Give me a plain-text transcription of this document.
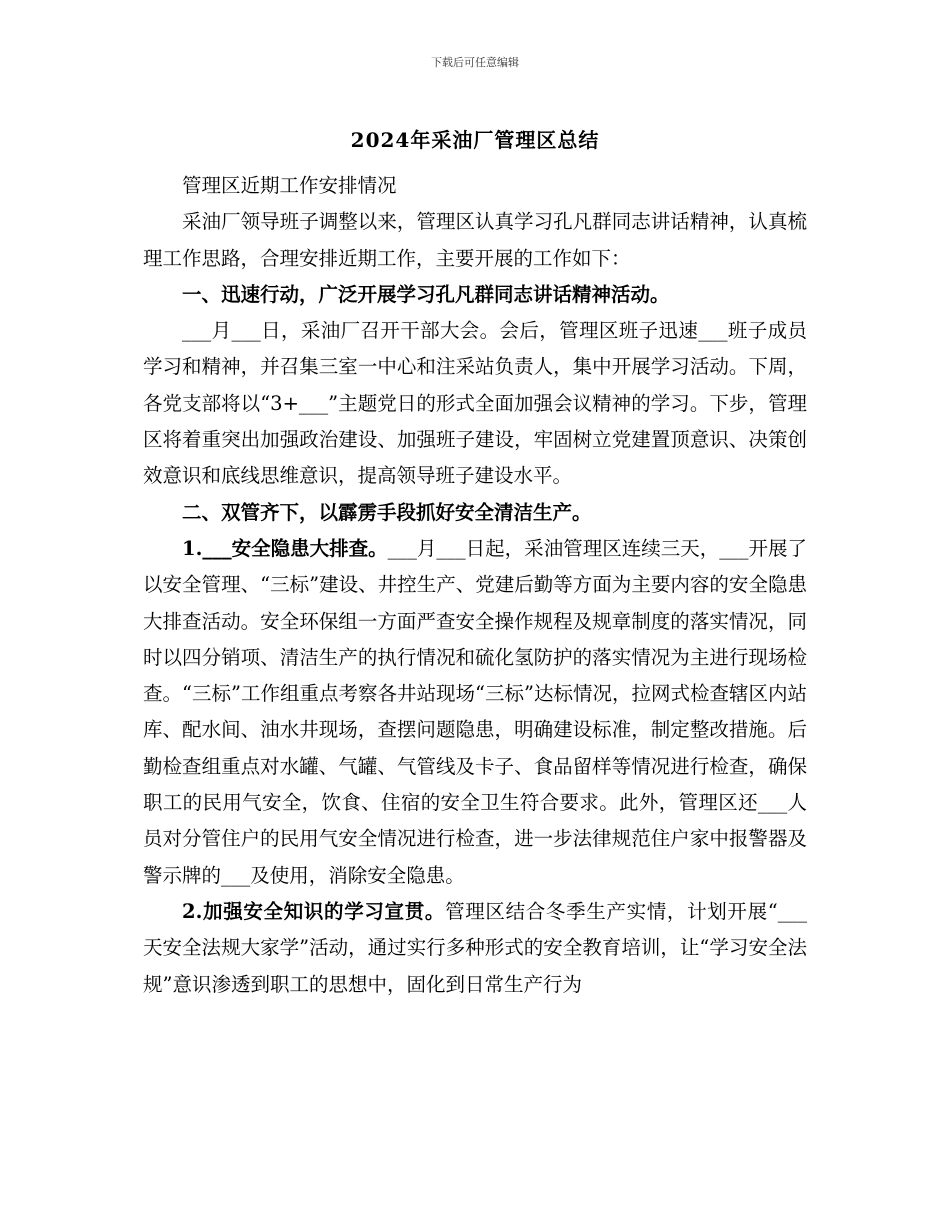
下载后可任意编辑
2024年采油厂管理区总结

管理区近期工作安排情况

采油厂领导班子调整以来，管理区认真学习孔凡群同志讲话精神，认真梳理工作思路，合理安排近期工作，主要开展的工作如下：

一、迅速行动，广泛开展学习孔凡群同志讲话精神活动。

___月___日，采油厂召开干部大会。会后，管理区班子迅速___班子成员学习和精神，并召集三室一中心和注采站负责人，集中开展学习活动。下周，各党支部将以“3+___”主题党日的形式全面加强会议精神的学习。下步，管理区将着重突出加强政治建设、加强班子建设，牢固树立党建置顶意识、决策创效意识和底线思维意识，提高领导班子建设水平。

二、双管齐下，以霹雳手段抓好安全清洁生产。

1.___安全隐患大排查。___月___日起，采油管理区连续三天，___开展了以安全管理、“三标”建设、井控生产、党建后勤等方面为主要内容的安全隐患大排查活动。安全环保组一方面严查安全操作规程及规章制度的落实情况，同时以四分销项、清洁生产的执行情况和硫化氢防护的落实情况为主进行现场检查。“三标”工作组重点考察各井站现场“三标”达标情况，拉网式检查辖区内站库、配水间、油水井现场，查摆问题隐患，明确建设标准，制定整改措施。后勤检查组重点对水罐、气罐、气管线及卡子、食品留样等情况进行检查，确保职工的民用气安全，饮食、住宿的安全卫生符合要求。此外，管理区还___人员对分管住户的民用气安全情况进行检查，进一步法律规范住户家中报警器及警示牌的___及使用，消除安全隐患。

2.加强安全知识的学习宣贯。管理区结合冬季生产实情，计划开展“___天安全法规大家学”活动，通过实行多种形式的安全教育培训，让“学习安全法规”意识渗透到职工的思想中，固化到日常生产行为
